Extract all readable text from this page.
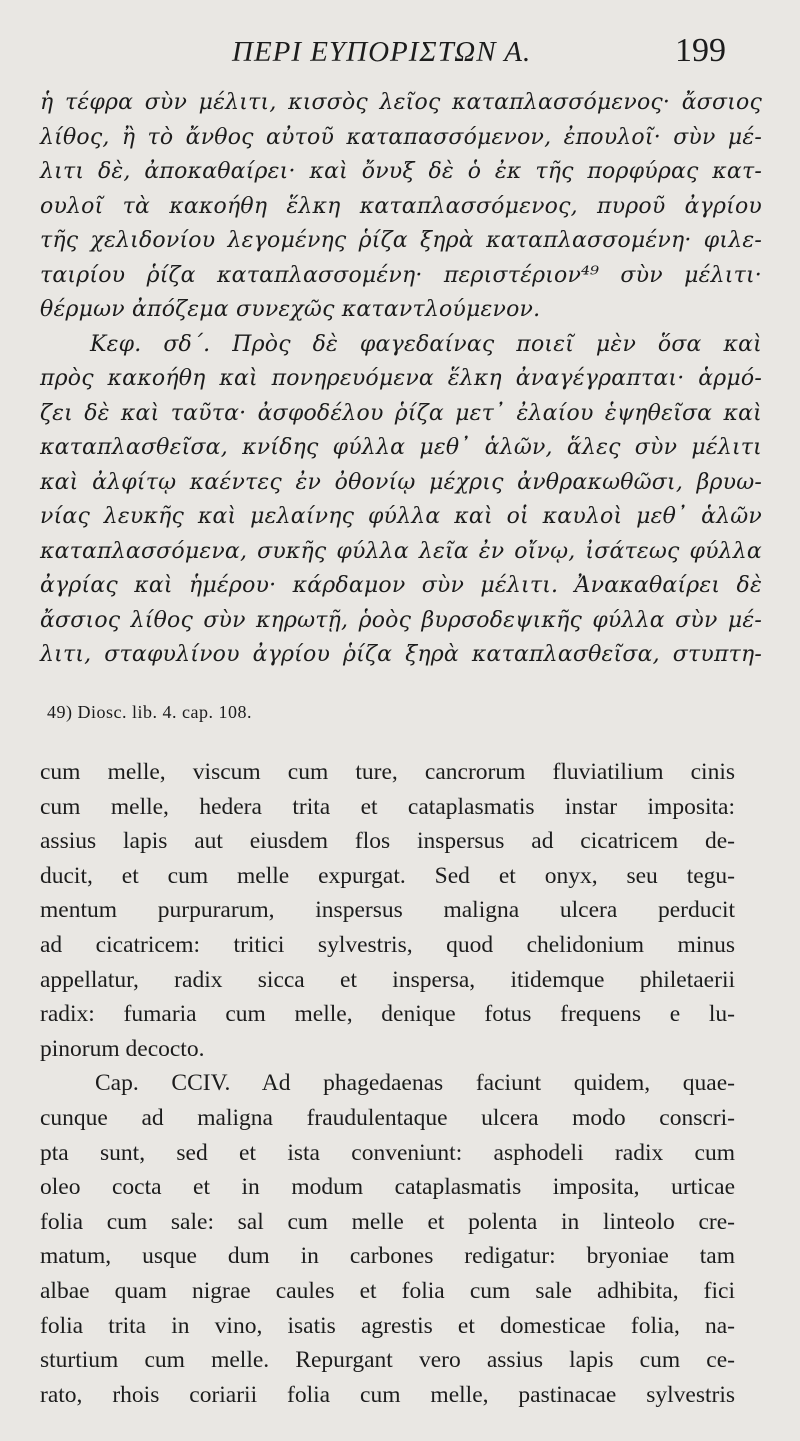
ΠΕΡΙ ΕΥΠΟΡΙΣΤΩΝ Α.	199
ἡ τέφρα σὺν μέλιτι, κισσὸς λεῖος καταπλασσόμενος· ἄσσιος
λίθος, ἢ τὸ ἄνθος αὐτοῦ καταπασσόμενον, ἐπουλοῖ· σὺν μέ-
λιτι δὲ, ἀποκαθαίρει· καὶ ὄνυξ δὲ ὁ ἐκ τῆς πορφύρας κατ-
ουλοῖ τὰ κακοήθη ἕλκη καταπλασσόμενος, πυροῦ ἀγρίου
τῆς χελιδονίου λεγομένης ῥίζα ξηρὰ καταπλασσομένη· φιλε-
ταιρίου ῥίζα καταπλασσομένη· περιστέριον⁴⁹ σὺν μέλιτι·
θέρμων ἀπόζεμα συνεχῶς καταντλούμενον.
Κεφ. σδ΄. Πρὸς δὲ φαγεδαίνας ποιεῖ μὲν ὅσα καὶ
πρὸς κακοήθη καὶ πονηρευόμενα ἕλκη ἀναγέγραπται· ἁρμό-
ζει δὲ καὶ ταῦτα· ἀσφοδέλου ῥίζα μετ᾽ ἐλαίου ἑψηθεῖσα καὶ
καταπλασθεῖσα, κνίδης φύλλα μεθ᾽ ἁλῶν, ἅλες σὺν μέλιτι
καὶ ἀλφίτῳ καέντες ἐν ὀθονίῳ μέχρις ἀνθρακωθῶσι, βρυω-
νίας λευκῆς καὶ μελαίνης φύλλα καὶ οἱ καυλοὶ μεθ᾽ ἁλῶν
καταπλασσόμενα, συκῆς φύλλα λεῖα ἐν οἴνῳ, ἰσάτεως φύλλα
ἀγρίας καὶ ἡμέρου· κάρδαμον σὺν μέλιτι. Ἀνακαθαίρει δὲ
ἄσσιος λίθος σὺν κηρωτῇ, ῥοὸς βυρσοδεψικῆς φύλλα σὺν μέ-
λιτι, σταφυλίνου ἀγρίου ῥίζα ξηρὰ καταπλασθεῖσα, στυπτη-
49) Diosc. lib. 4. cap. 108.
cum melle, viscum cum ture, cancrorum fluviatilium cinis
cum melle, hedera trita et cataplasmatis instar imposita:
assius lapis aut eiusdem flos inspersus ad cicatricem de-
ducit, et cum melle expurgat. Sed et onyx, seu tegu-
mentum purpurarum, inspersus maligna ulcera perducit
ad cicatricem: tritici sylvestris, quod chelidonium minus
appellatur, radix sicca et inspersa, itidemque philetaerii
radix: fumaria cum melle, denique fotus frequens e lu-
pinorum decocto.
Cap. CCIV. Ad phagedaenas faciunt quidem, quae-
cunque ad maligna fraudulentaque ulcera modo conscri-
pta sunt, sed et ista conveniunt: asphodeli radix cum
oleo cocta et in modum cataplasmatis imposita, urticae
folia cum sale: sal cum melle et polenta in linteolo cre-
matum, usque dum in carbones redigatur: bryoniae tam
albae quam nigrae caules et folia cum sale adhibita, fici
folia trita in vino, isatis agrestis et domesticae folia, na-
sturtium cum melle. Repurgant vero assius lapis cum ce-
rato, rhois coriarii folia cum melle, pastinacae sylvestris
